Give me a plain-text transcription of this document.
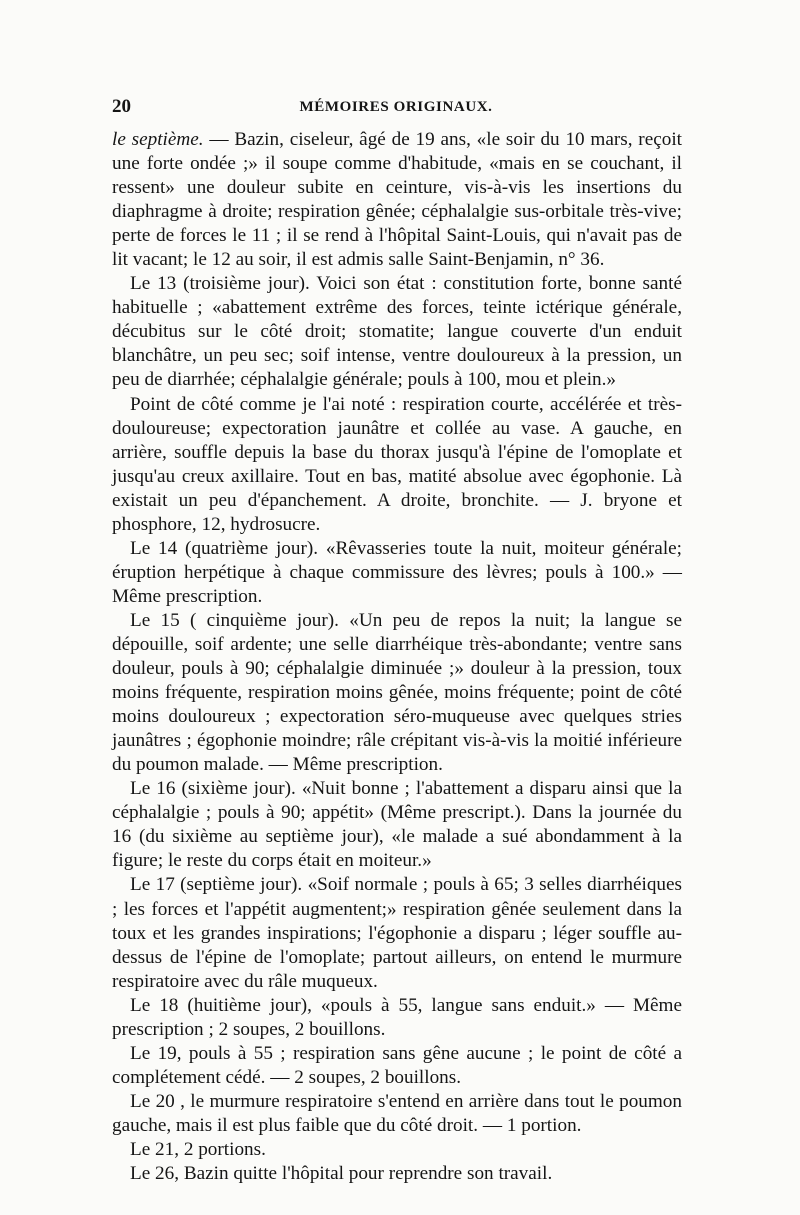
20	MÉMOIRES ORIGINAUX.

le septième. — Bazin, ciseleur, âgé de 19 ans, «le soir du 10 mars, reçoit une forte ondée ;» il soupe comme d'habitude, «mais en se couchant, il ressent» une douleur subite en ceinture, vis-à-vis les insertions du diaphragme à droite; respiration gênée; céphalalgie sus-orbitale très-vive; perte de forces le 11 ; il se rend à l'hôpital Saint-Louis, qui n'avait pas de lit vacant; le 12 au soir, il est admis salle Saint-Benjamin, n° 36.

Le 13 (troisième jour). Voici son état : constitution forte, bonne santé habituelle ; «abattement extrême des forces, teinte ictérique générale, décubitus sur le côté droit; stomatite; langue couverte d'un enduit blanchâtre, un peu sec; soif intense, ventre douloureux à la pression, un peu de diarrhée; céphalalgie générale; pouls à 100, mou et plein.»

Point de côté comme je l'ai noté : respiration courte, accélérée et très-douloureuse; expectoration jaunâtre et collée au vase. A gauche, en arrière, souffle depuis la base du thorax jusqu'à l'épine de l'omoplate et jusqu'au creux axillaire. Tout en bas, matité absolue avec égophonie. Là existait un peu d'épanchement. A droite, bronchite. — J. bryone et phosphore, 12, hydrosucre.

Le 14 (quatrième jour). «Rêvasseries toute la nuit, moiteur générale; éruption herpétique à chaque commissure des lèvres; pouls à 100.» — Même prescription.

Le 15 ( cinquième jour). «Un peu de repos la nuit; la langue se dépouille, soif ardente; une selle diarrhéique très-abondante; ventre sans douleur, pouls à 90; céphalalgie diminuée ;» douleur à la pression, toux moins fréquente, respiration moins gênée, moins fréquente; point de côté moins douloureux ; expectoration séro-muqueuse avec quelques stries jaunâtres ; égophonie moindre; râle crépitant vis-à-vis la moitié inférieure du poumon malade. — Même prescription.

Le 16 (sixième jour). «Nuit bonne ; l'abattement a disparu ainsi que la céphalalgie ; pouls à 90; appétit» (Même prescript.). Dans la journée du 16 (du sixième au septième jour), «le malade a sué abondamment à la figure; le reste du corps était en moiteur.»

Le 17 (septième jour). «Soif normale ; pouls à 65; 3 selles diarrhéiques ; les forces et l'appétit augmentent;» respiration gênée seulement dans la toux et les grandes inspirations; l'égophonie a disparu ; léger souffle au-dessus de l'épine de l'omoplate; partout ailleurs, on entend le murmure respiratoire avec du râle muqueux.

Le 18 (huitième jour), «pouls à 55, langue sans enduit.» — Même prescription ; 2 soupes, 2 bouillons.

Le 19, pouls à 55 ; respiration sans gêne aucune ; le point de côté a complétement cédé. — 2 soupes, 2 bouillons.

Le 20 , le murmure respiratoire s'entend en arrière dans tout le poumon gauche, mais il est plus faible que du côté droit. — 1 portion.

Le 21, 2 portions.

Le 26, Bazin quitte l'hôpital pour reprendre son travail.
